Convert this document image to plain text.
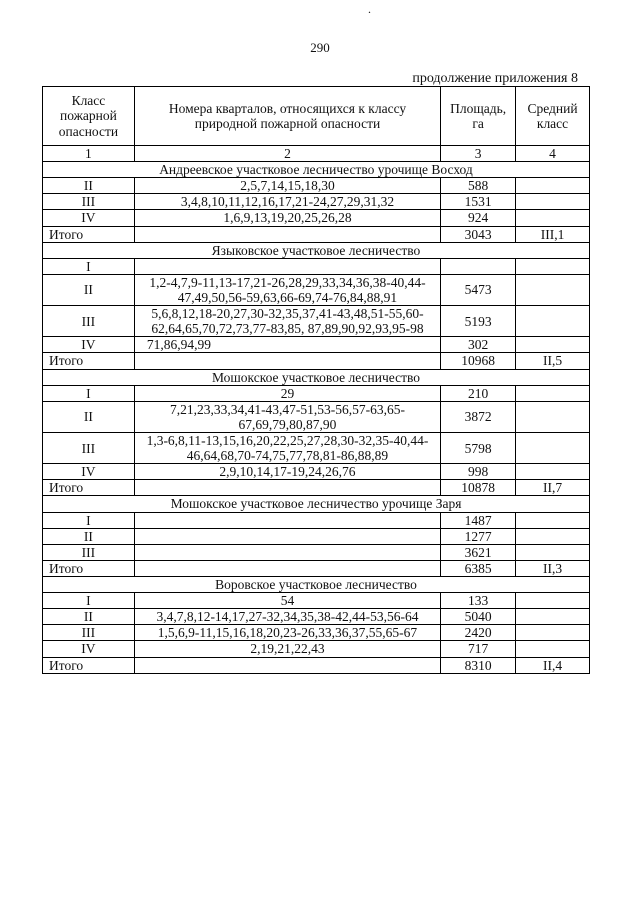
.
290
продолжение приложения 8
Класс пожарной опасности	Номера кварталов, относящихся к классу природной пожарной опасности	Площадь, га	Средний класс
1	2	3	4
Андреевское участковое лесничество урочище Восход			
II	2,5,7,14,15,18,30	588	
III	3,4,8,10,11,12,16,17,21-24,27,29,31,32	1531	
IV	1,6,9,13,19,20,25,26,28	924	
Итого		3043	III,1
Языковское участковое лесничество			
I			
II	1,2-4,7,9-11,13-17,21-26,28,29,33,34,36,38-40,44-47,49,50,56-59,63,66-69,74-76,84,88,91	5473	
III	5,6,8,12,18-20,27,30-32,35,37,41-43,48,51-55,60-62,64,65,70,72,73,77-83,85, 87,89,90,92,93,95-98	5193	
IV	71,86,94,99	302	
Итого		10968	II,5
Мошокское участковое лесничество			
I	29	210	
II	7,21,23,33,34,41-43,47-51,53-56,57-63,65-67,69,79,80,87,90	3872	
III	1,3-6,8,11-13,15,16,20,22,25,27,28,30-32,35-40,44-46,64,68,70-74,75,77,78,81-86,88,89	5798	
IV	2,9,10,14,17-19,24,26,76	998	
Итого		10878	II,7
Мошокское участковое лесничество урочище Заря			
I		1487	
II		1277	
III		3621	
Итого		6385	II,3
Воровское участковое лесничество			
I	54	133	
II	3,4,7,8,12-14,17,27-32,34,35,38-42,44-53,56-64	5040	
III	1,5,6,9-11,15,16,18,20,23-26,33,36,37,55,65-67	2420	
IV	2,19,21,22,43	717	
Итого		8310	II,4
